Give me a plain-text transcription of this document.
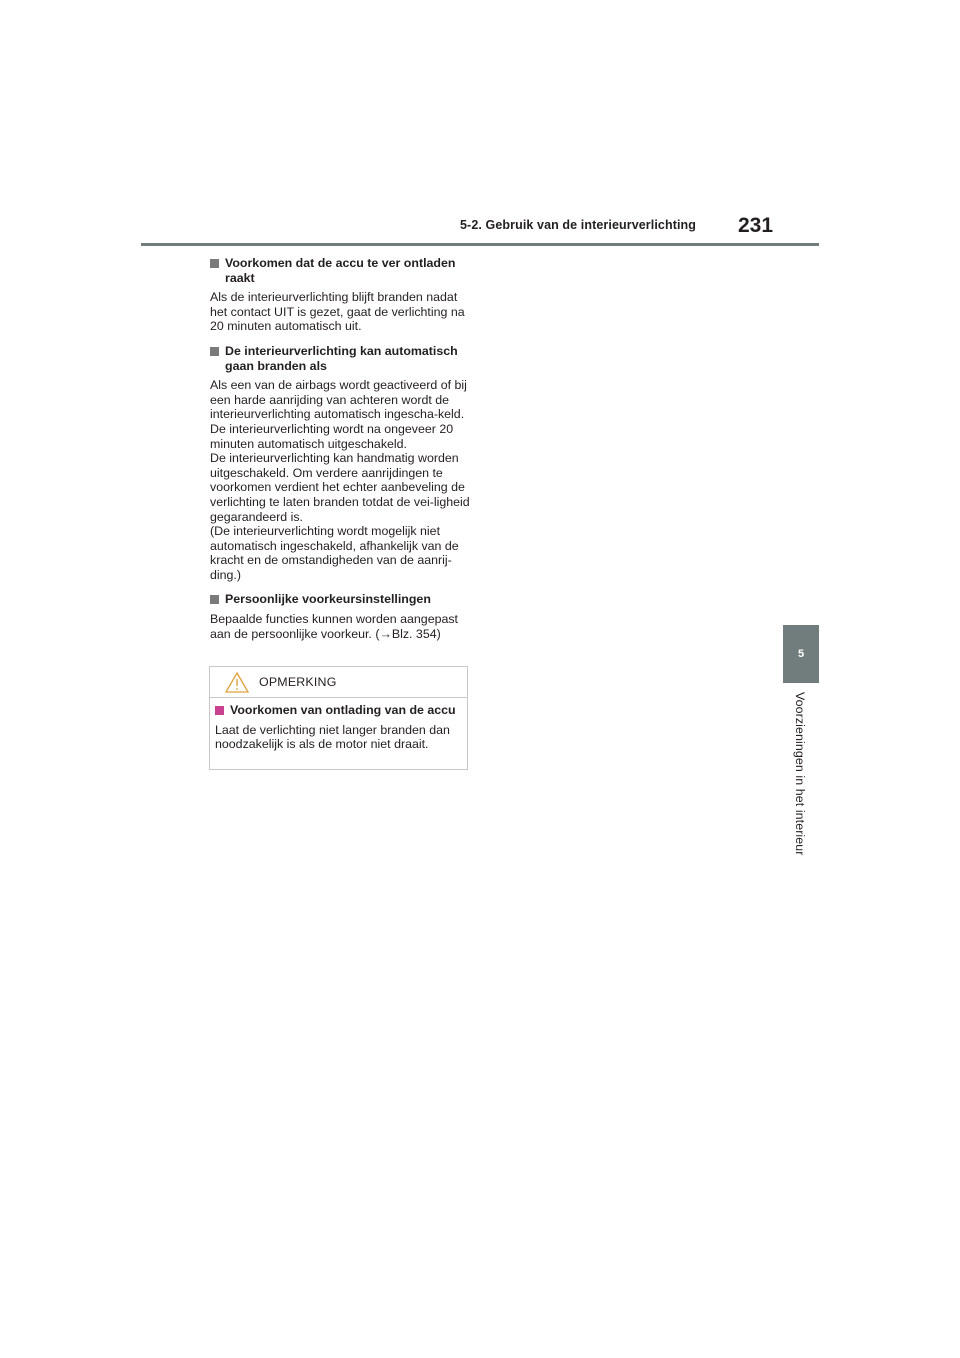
5-2. Gebruik van de interieurverlichting 231

Voorkomen dat de accu te ver ontladen raakt

Als de interieurverlichting blijft branden nadat het contact UIT is gezet, gaat de verlichting na 20 minuten automatisch uit.

De interieurverlichting kan automatisch gaan branden als

Als een van de airbags wordt geactiveerd of bij een harde aanrijding van achteren wordt de interieurverlichting automatisch ingescha-keld.
De interieurverlichting wordt na ongeveer 20 minuten automatisch uitgeschakeld.
De interieurverlichting kan handmatig worden uitgeschakeld. Om verdere aanrijdingen te voorkomen verdient het echter aanbeveling de verlichting te laten branden totdat de vei-ligheid gegarandeerd is.
(De interieurverlichting wordt mogelijk niet automatisch ingeschakeld, afhankelijk van de kracht en de omstandigheden van de aanrij-ding.)

Persoonlijke voorkeursinstellingen

Bepaalde functies kunnen worden aangepast aan de persoonlijke voorkeur. (→Blz. 354)

OPMERKING

Voorkomen van ontlading van de accu

Laat de verlichting niet langer branden dan noodzakelijk is als de motor niet draait.

5
Voorzieningen in het interieur
